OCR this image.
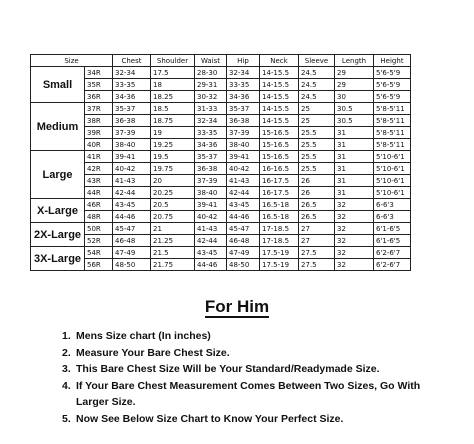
Size		Chest	Shoulder	Waist	Hip	Neck	Sleeve	Length	Height
Small	34R	32-34	17.5	28-30	32-34	14-15.5	24.5	29	5'6-5'9
	35R	33-35	18	29-31	33-35	14-15.5	24.5	29	5'6-5'9
	36R	34-36	18.25	30-32	34-36	14-15.5	24.5	30	5'6-5'9
Medium	37R	35-37	18.5	31-33	35-37	14-15.5	25	30.5	5'8-5'11
	38R	36-38	18.75	32-34	36-38	14-15.5	25	30.5	5'8-5'11
	39R	37-39	19	33-35	37-39	15-16.5	25.5	31	5'8-5'11
	40R	38-40	19.25	34-36	38-40	15-16.5	25.5	31	5'8-5'11
Large	41R	39-41	19.5	35-37	39-41	15-16.5	25.5	31	5'10-6'1
	42R	40-42	19.75	36-38	40-42	16-16.5	25.5	31	5'10-6'1
	43R	41-43	20	37-39	41-43	16-17.5	26	31	5'10-6'1
	44R	42-44	20.25	38-40	42-44	16-17.5	26	31	5'10-6'1
X-Large	46R	43-45	20.5	39-41	43-45	16.5-18	26.5	32	6-6'3
	48R	44-46	20.75	40-42	44-46	16.5-18	26.5	32	6-6'3
2X-Large	50R	45-47	21	41-43	45-47	17-18.5	27	32	6'1-6'5
	52R	46-48	21.25	42-44	46-48	17-18.5	27	32	6'1-6'5
3X-Large	54R	47-49	21.5	43-45	47-49	17.5-19	27.5	32	6'2-6'7
	56R	48-50	21.75	44-46	48-50	17.5-19	27.5	32	6'2-6'7
For Him
1. Mens Size chart (In inches)
2. Measure Your Bare Chest Size.
3. This Bare Chest Size Will be Your Standard/Readymade Size.
4. If Your Bare Chest Measurement Comes Between Two Sizes, Go With Larger Size.
5. Now See Below Size Chart to Know Your Perfect Size.
